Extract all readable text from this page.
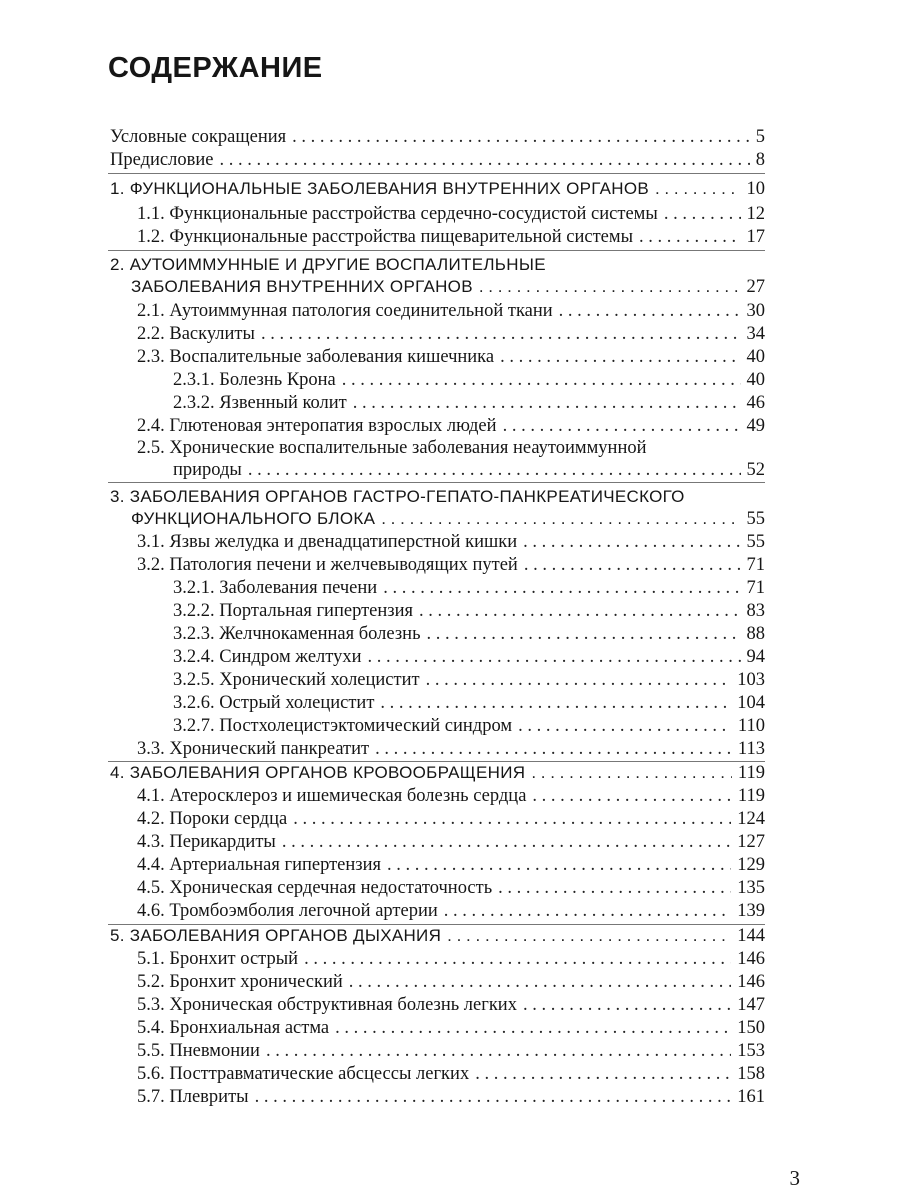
СОДЕРЖАНИЕ
Условные сокращения . . .	5
Предисловие . . .	8
1. ФУНКЦИОНАЛЬНЫЕ ЗАБОЛЕВАНИЯ ВНУТРЕННИХ ОРГАНОВ . . .	10
1.1. Функциональные расстройства сердечно-сосудистой системы . . .	12
1.2. Функциональные расстройства пищеварительной системы . . .	17
2. АУТОИММУННЫЕ И ДРУГИЕ ВОСПАЛИТЕЛЬНЫЕ
ЗАБОЛЕВАНИЯ ВНУТРЕННИХ ОРГАНОВ . . .	27
2.1. Аутоиммунная патология соединительной ткани . . .	30
2.2. Васкулиты . . .	34
2.3. Воспалительные заболевания кишечника . . .	40
2.3.1. Болезнь Крона . . .	40
2.3.2. Язвенный колит . . .	46
2.4. Глютеновая энтеропатия взрослых людей . . .	49
2.5. Хронические воспалительные заболевания неаутоиммунной
природы . . .	52
3. ЗАБОЛЕВАНИЯ ОРГАНОВ ГАСТРО-ГЕПАТО-ПАНКРЕАТИЧЕСКОГО
ФУНКЦИОНАЛЬНОГО БЛОКА . . .	55
3.1. Язвы желудка и двенадцатиперстной кишки . . .	55
3.2. Патология печени и желчевыводящих путей . . .	71
3.2.1. Заболевания печени . . .	71
3.2.2. Портальная гипертензия . . .	83
3.2.3. Желчнокаменная болезнь . . .	88
3.2.4. Синдром желтухи . . .	94
3.2.5. Хронический холецистит . . .	103
3.2.6. Острый холецистит . . .	104
3.2.7. Постхолецистэктомический синдром . . .	110
3.3. Хронический панкреатит . . .	113
4. ЗАБОЛЕВАНИЯ ОРГАНОВ КРОВООБРАЩЕНИЯ . . .	119
4.1. Атеросклероз и ишемическая болезнь сердца . . .	119
4.2. Пороки сердца . . .	124
4.3. Перикардиты . . .	127
4.4. Артериальная гипертензия . . .	129
4.5. Хроническая сердечная недостаточность . . .	135
4.6. Тромбоэмболия легочной артерии . . .	139
5. ЗАБОЛЕВАНИЯ ОРГАНОВ ДЫХАНИЯ . . .	144
5.1. Бронхит острый . . .	146
5.2. Бронхит хронический . . .	146
5.3. Хроническая обструктивная болезнь легких . . .	147
5.4. Бронхиальная астма . . .	150
5.5. Пневмонии . . .	153
5.6. Посттравматические абсцессы легких . . .	158
5.7. Плевриты . . .	161
3
